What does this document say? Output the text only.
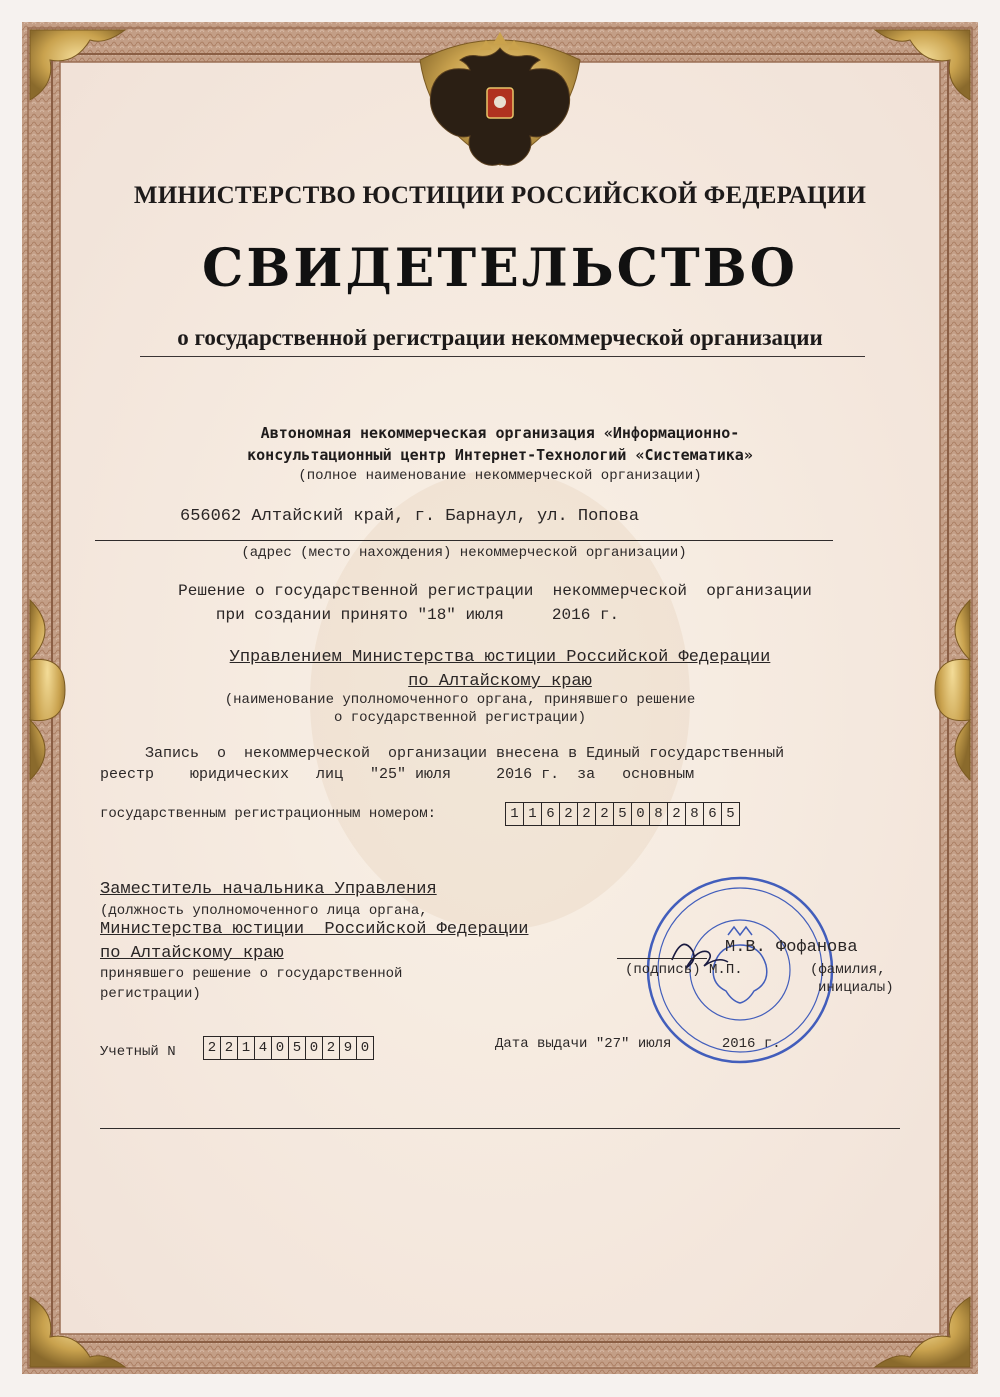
МИНИСТЕРСТВО ЮСТИЦИИ РОССИЙСКОЙ ФЕДЕРАЦИИ
СВИДЕТЕЛЬСТВО
о государственной регистрации некоммерческой организации
Автономная некоммерческая организация «Информационно-
консультационный центр Интернет-Технологий «Систематика»
(полное наименование некоммерческой организации)
656062 Алтайский край, г. Барнаул, ул. Попова
(адрес (место нахождения) некоммерческой организации)
Решение о государственной регистрации  некоммерческой  организации
при создании принято "18" июля     2016 г.
Управлением Министерства юстиции Российской Федерации
по Алтайскому краю
(наименование уполномоченного органа, принявшего решение
о государственной регистрации)
Запись  о  некоммерческой  организации внесена в Единый государственный
реестр    юридических   лиц   "25" июля     2016 г.  за   основным
государственным регистрационным номером:	1 1 6 2 2 2 5 0 8 2 8 6 5
Заместитель начальника Управления
(должность уполномоченного лица органа,
Министерства юстиции  Российской Федерации
по Алтайскому краю
принявшего решение о государственной
регистрации)
М.В. Фофанова
(подпись) М.П.	(фамилия,
инициалы)
Учетный N	2 2 1 4 0 5 0 2 9 0	Дата выдачи "27" июля      2016 г.
